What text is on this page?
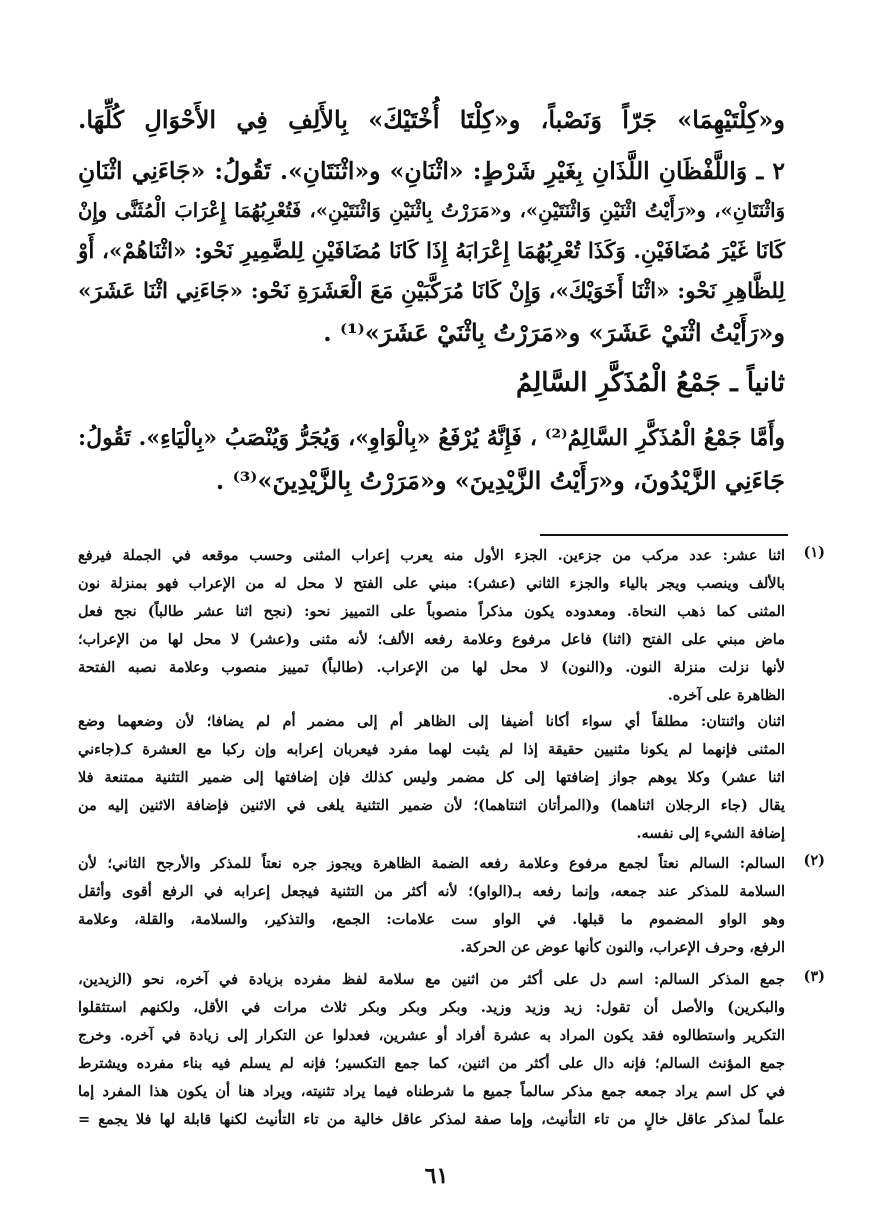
و«كِلْتَيْهِمَا» جَرّاً وَنَصْباً، و«كِلْتَا أُخْتَيْكَ» بِالأَلِفِ فِي الأَحْوَالِ كُلِّهَا.
٢ ـ وَاللَّفْظَانِ اللَّذَانِ بِغَيْرِ شَرْطٍ: «اثْنَانِ» و«اثْنَتَانِ». تَقُولُ: «جَاءَنِي اثْنَانِ
وَاثْنَتَانِ»، و«رَأَيْتُ اثْنَيْنِ وَاثْنَتَيْنِ»، و«مَرَرْتُ بِاثْنَيْنِ وَاثْنَتَيْنِ»، فَتُعْرِبُهُمَا إِعْرَابَ الْمُثَنَّى وإِنْ
كَانَا غَيْرَ مُضَافَيْنِ. وَكَذَا تُعْرِبُهُمَا إِعْرَابَهُ إِذَا كَانَا مُضَافَيْنِ لِلضَّمِيرِ نَحْو: «اثْنَاهُمْ»، أَوْ
لِلظَّاهِرِ نَحْو: «اثْنَا أَخَوَيْكَ»، وَإِنْ كَانَا مُرَكَّبَيْنِ مَعَ الْعَشَرَةِ نَحْو: «جَاءَنِي اثْنَا عَشَرَ»
و«رَأَيْتُ اثْنَيْ عَشَرَ» و«مَرَرْتُ بِاثْنَيْ عَشَرَ»⁽¹⁾ .
ثانياً ـ جَمْعُ الْمُذَكَّرِ السَّالِمُ
وأَمَّا جَمْعُ الْمُذَكَّرِ السَّالِمُ⁽²⁾ ، فَإِنَّهُ يُرْفَعُ «بِالْوَاوِ»، وَيُجَرُّ وَيُنْصَبُ «بِالْيَاءِ». تَقُولُ:
جَاءَنِي الزَّيْدُونَ، و«رَأَيْتُ الزَّيْدِينَ» و«مَرَرْتُ بِالزَّيْدِينَ»⁽³⁾ .
(١)
اثنا عشر: عدد مركب من جزءين. الجزء الأول منه يعرب إعراب المثنى وحسب موقعه في الجملة فيرفع
بالألف وينصب ويجر بالياء والجزء الثاني (عشر): مبني على الفتح لا محل له من الإعراب فهو بمنزلة نون
المثنى كما ذهب النحاة. ومعدوده يكون مذكراً منصوباً على التمييز نحو: (نجح اثنا عشر طالباً) نجح فعل
ماض مبني على الفتح (اثنا) فاعل مرفوع وعلامة رفعه الألف؛ لأنه مثنى و(عشر) لا محل لها من الإعراب؛
لأنها نزلت منزلة النون. و(النون) لا محل لها من الإعراب. (طالباً) تمييز منصوب وعلامة نصبه الفتحة
الظاهرة على آخره.
اثنان واثنتان: مطلقاً أي سواء أكانا أضيفا إلى الظاهر أم إلى مضمر أم لم يضافا؛ لأن وضعهما وضع
المثنى فإنهما لم يكونا مثنيين حقيقة إذا لم يثبت لهما مفرد فيعربان إعرابه وإن ركبا مع العشرة كـ(جاءني
اثنا عشر) وكلا يوهم جواز إضافتها إلى كل مضمر وليس كذلك فإن إضافتها إلى ضمير التثنية ممتنعة فلا
يقال (جاء الرجلان اثناهما) و(المرأتان اثنتاهما)؛ لأن ضمير التثنية يلغى في الاثنين فإضافة الاثنين إليه من
إضافة الشيء إلى نفسه.
(٢)
السالم: السالم نعتاً لجمع مرفوع وعلامة رفعه الضمة الظاهرة ويجوز جره نعتاً للمذكر والأرجح الثاني؛ لأن
السلامة للمذكر عند جمعه، وإنما رفعه بـ(الواو)؛ لأنه أكثر من التثنية فيجعل إعرابه في الرفع أقوى وأثقل
وهو الواو المضموم ما قبلها. في الواو ست علامات: الجمع، والتذكير، والسلامة، والقلة، وعلامة
الرفع، وحرف الإعراب، والنون كأنها عوض عن الحركة.
(٣)
جمع المذكر السالم: اسم دل على أكثر من اثنين مع سلامة لفظ مفرده بزيادة في آخره، نحو (الزيدين،
والبكرين) والأصل أن تقول: زيد وزيد وزيد. وبكر وبكر وبكر ثلاث مرات في الأقل، ولكنهم استثقلوا
التكرير واستطالوه فقد يكون المراد به عشرة أفراد أو عشرين، فعدلوا عن التكرار إلى زيادة في آخره. وخرج
جمع المؤنث السالم؛ فإنه دال على أكثر من اثنين، كما جمع التكسير؛ فإنه لم يسلم فيه بناء مفرده ويشترط
في كل اسم يراد جمعه جمع مذكر سالماً جميع ما شرطناه فيما يراد تثنيته، ويراد هنا أن يكون هذا المفرد إما
علماً لمذكر عاقل خالٍ من تاء التأنيث، وإما صفة لمذكر عاقل خالية من تاء التأنيث لكنها قابلة لها فلا يجمع =
٦١
